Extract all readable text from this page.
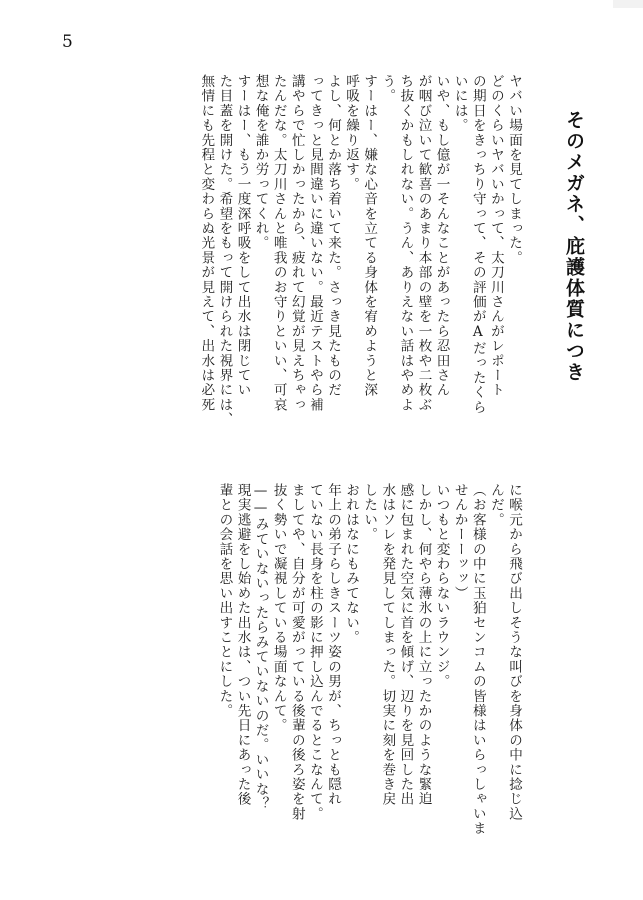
5
そのメガネ、庇護体質につき
ヤバい場面を見てしまった。
どのくらいヤバいかって、太刀川さんがレポート
の期日をきっちり守って、その評価がAだったくら
いには。
いや、もし億が一そんなことがあったら忍田さん
が咽び泣いて歓喜のあまり本部の壁を一枚や二枚ぶ
ち抜くかもしれない。うん、ありえない話はやめよ
う。
すーはー、嫌な心音を立てる身体を宥めようと深
呼吸を繰り返す。
よし、何とか落ち着いて来た。さっき見たものだ
ってきっと見間違いに違いない。最近テストやら補
講やらで忙しかったから、疲れて幻覚が見えちゃっ
たんだな。太刀川さんと唯我のお守りといい、可哀
想な俺を誰か労ってくれ。
すーはー、もう一度深呼吸をして出水は閉じてい
た目蓋を開けた。希望をもって開けられた視界には、
無情にも先程と変わらぬ光景が見えて、出水は必死
に喉元から飛び出しそうな叫びを身体の中に捻じ込
んだ。
（お客様の中に玉狛センコムの皆様はいらっしゃいま
せんかーーッッ）
いつもと変わらないラウンジ。
しかし、何やら薄氷の上に立ったかのような緊迫
感に包まれた空気に首を傾げ、辺りを見回した出
水はソレを発見してしまった。切実に刻を巻き戻
したい。
おれはなにもみてない。
年上の弟子らしきスーツ姿の男が、ちっとも隠れ
ていない長身を柱の影に押し込んでるとこなんて。
ましてや、自分が可愛がっている後輩の後ろ姿を射
抜く勢いで凝視している場面なんて。
——みていないったらみていないのだ。いいな？
現実逃避をし始めた出水は、つい先日にあった後
輩との会話を思い出すことにした。
